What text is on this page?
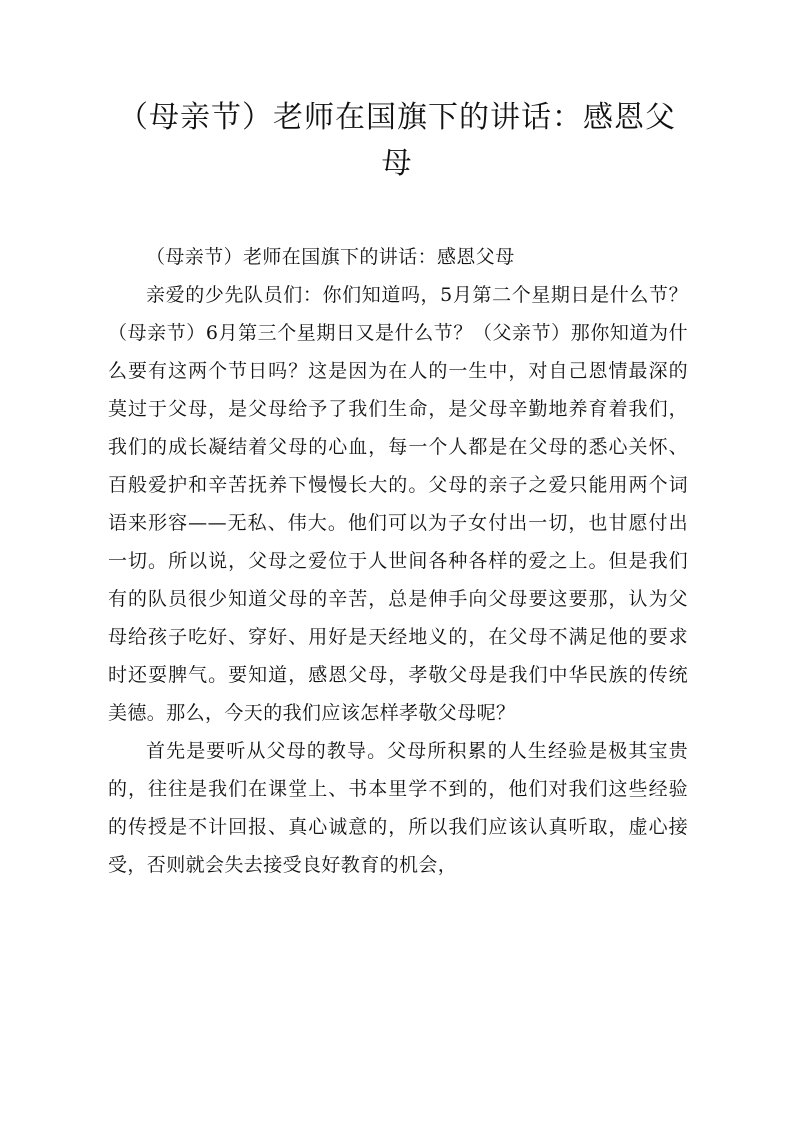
（母亲节）老师在国旗下的讲话：感恩父母

（母亲节）老师在国旗下的讲话：感恩父母

亲爱的少先队员们：你们知道吗，5月第二个星期日是什么节？（母亲节）6月第三个星期日又是什么节？（父亲节）那你知道为什么要有这两个节日吗？这是因为在人的一生中，对自己恩情最深的莫过于父母，是父母给予了我们生命，是父母辛勤地养育着我们，我们的成长凝结着父母的心血，每一个人都是在父母的悉心关怀、百般爱护和辛苦抚养下慢慢长大的。父母的亲子之爱只能用两个词语来形容——无私、伟大。他们可以为子女付出一切，也甘愿付出一切。所以说，父母之爱位于人世间各种各样的爱之上。但是我们有的队员很少知道父母的辛苦，总是伸手向父母要这要那，认为父母给孩子吃好、穿好、用好是天经地义的，在父母不满足他的要求时还耍脾气。要知道，感恩父母，孝敬父母是我们中华民族的传统美德。那么，今天的我们应该怎样孝敬父母呢？

首先是要听从父母的教导。父母所积累的人生经验是极其宝贵的，往往是我们在课堂上、书本里学不到的，他们对我们这些经验的传授是不计回报、真心诚意的，所以我们应该认真听取，虚心接受，否则就会失去接受良好教育的机会，
